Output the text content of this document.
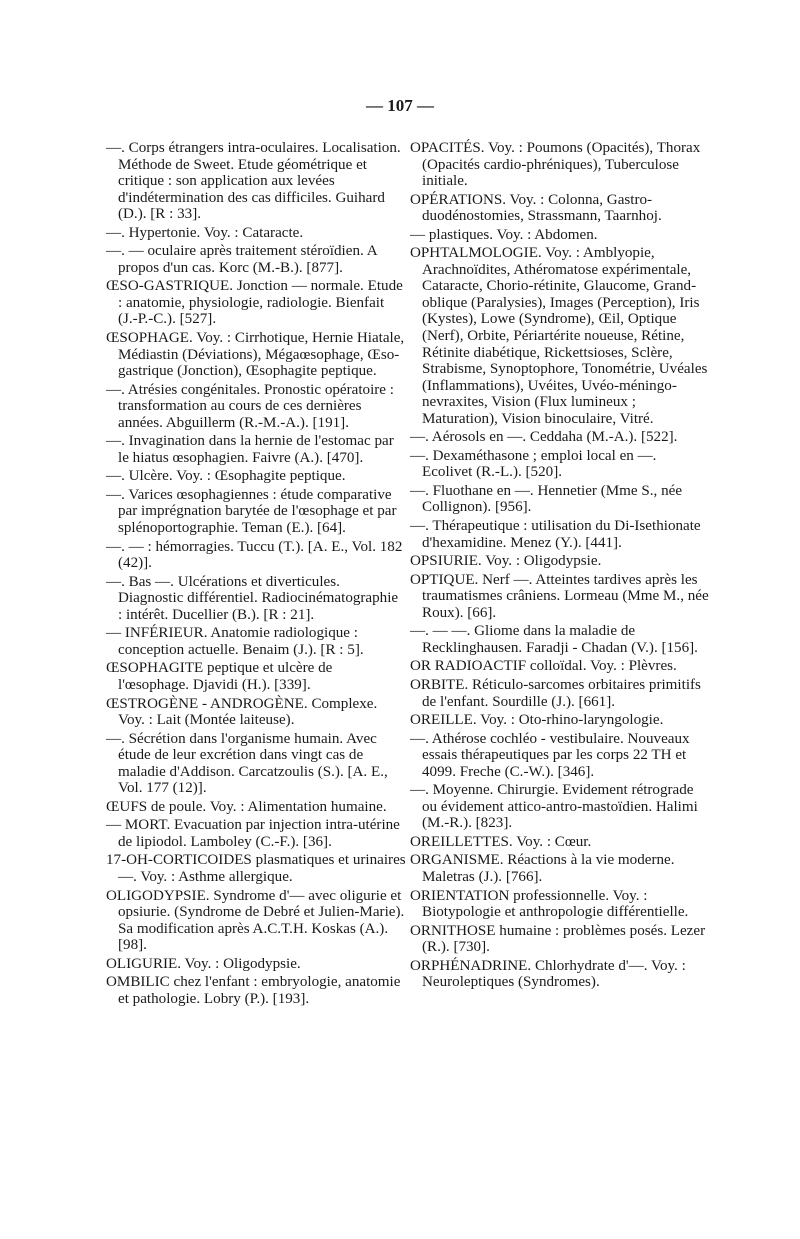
— 107 —

—. Corps étrangers intra-oculaires. Localisation. Méthode de Sweet. Etude géométrique et critique : son application aux levées d'indétermination des cas difficiles. Guihard (D.). [R : 33].

—. Hypertonie. Voy. : Cataracte.

—. — oculaire après traitement stéroïdien. A propos d'un cas. Korc (M.-B.). [877].

ŒSO-GASTRIQUE. Jonction — normale. Etude : anatomie, physiologie, radiologie. Bienfait (J.-P.-C.). [527].

ŒSOPHAGE. Voy. : Cirrhotique, Hernie Hiatale, Médiastin (Déviations), Mégaœsophage, Œso-gastrique (Jonction), Œsophagite peptique.

—. Atrésies congénitales. Pronostic opératoire : transformation au cours de ces dernières années. Abguillerm (R.-M.-A.). [191].

—. Invagination dans la hernie de l'estomac par le hiatus œsophagien. Faivre (A.). [470].

—. Ulcère. Voy. : Œsophagite peptique.

—. Varices œsophagiennes : étude comparative par imprégnation barytée de l'œsophage et par splénoportographie. Teman (E.). [64].

—. — : hémorragies. Tuccu (T.). [A. E., Vol. 182 (42)].

—. Bas —. Ulcérations et diverticules. Diagnostic différentiel. Radiocinématographie : intérêt. Ducellier (B.). [R : 21].

— INFÉRIEUR. Anatomie radiologique : conception actuelle. Benaim (J.). [R : 5].

ŒSOPHAGITE peptique et ulcère de l'œsophage. Djavidi (H.). [339].

ŒSTROGÈNE - ANDROGÈNE. Complexe. Voy. : Lait (Montée laiteuse).

—. Sécrétion dans l'organisme humain. Avec étude de leur excrétion dans vingt cas de maladie d'Addison. Carcatzoulis (S.). [A. E., Vol. 177 (12)].

ŒUFS de poule. Voy. : Alimentation humaine.

— MORT. Evacuation par injection intra-utérine de lipiodol. Lamboley (C.-F.). [36].

17-OH-CORTICOIDES plasmatiques et urinaires —. Voy. : Asthme allergique.

OLIGODYPSIE. Syndrome d'— avec oligurie et opsiurie. (Syndrome de Debré et Julien-Marie). Sa modification après A.C.T.H. Koskas (A.). [98].

OLIGURIE. Voy. : Oligodypsie.

OMBILIC chez l'enfant : embryologie, anatomie et pathologie. Lobry (P.). [193].

OPACITÉS. Voy. : Poumons (Opacités), Thorax (Opacités cardio-phréniques), Tuberculose initiale.

OPÉRATIONS. Voy. : Colonna, Gastro-duodénostomies, Strassmann, Taarnhoj.

— plastiques. Voy. : Abdomen.

OPHTALMOLOGIE. Voy. : Amblyopie, Arachnoïdites, Athéromatose expérimentale, Cataracte, Chorio-rétinite, Glaucome, Grand-oblique (Paralysies), Images (Perception), Iris (Kystes), Lowe (Syndrome), Œil, Optique (Nerf), Orbite, Périartérite noueuse, Rétine, Rétinite diabétique, Rickettsioses, Sclère, Strabisme, Synoptophore, Tonométrie, Uvéales (Inflammations), Uvéites, Uvéo-méningo-nevraxites, Vision (Flux lumineux ; Maturation), Vision binoculaire, Vitré.

—. Aérosols en —. Ceddaha (M.-A.). [522].

—. Dexaméthasone ; emploi local en —. Ecolivet (R.-L.). [520].

—. Fluothane en —. Hennetier (Mme S., née Collignon). [956].

—. Thérapeutique : utilisation du Di-Isethionate d'hexamidine. Menez (Y.). [441].

OPSIURIE. Voy. : Oligodypsie.

OPTIQUE. Nerf —. Atteintes tardives après les traumatismes crâniens. Lormeau (Mme M., née Roux). [66].

—. — —. Gliome dans la maladie de Recklinghausen. Faradji - Chadan (V.). [156].

OR RADIOACTIF colloïdal. Voy. : Plèvres.

ORBITE. Réticulo-sarcomes orbitaires primitifs de l'enfant. Sourdille (J.). [661].

OREILLE. Voy. : Oto-rhino-laryngologie.

—. Athérose cochléo - vestibulaire. Nouveaux essais thérapeutiques par les corps 22 TH et 4099. Freche (C.-W.). [346].

—. Moyenne. Chirurgie. Evidement rétrograde ou évidement attico-antro-mastoïdien. Halimi (M.-R.). [823].

OREILLETTES. Voy. : Cœur.

ORGANISME. Réactions à la vie moderne. Maletras (J.). [766].

ORIENTATION professionnelle. Voy. : Biotypologie et anthropologie différentielle.

ORNITHOSE humaine : problèmes posés. Lezer (R.). [730].

ORPHÉNADRINE. Chlorhydrate d'—. Voy. : Neuroleptiques (Syndromes).
